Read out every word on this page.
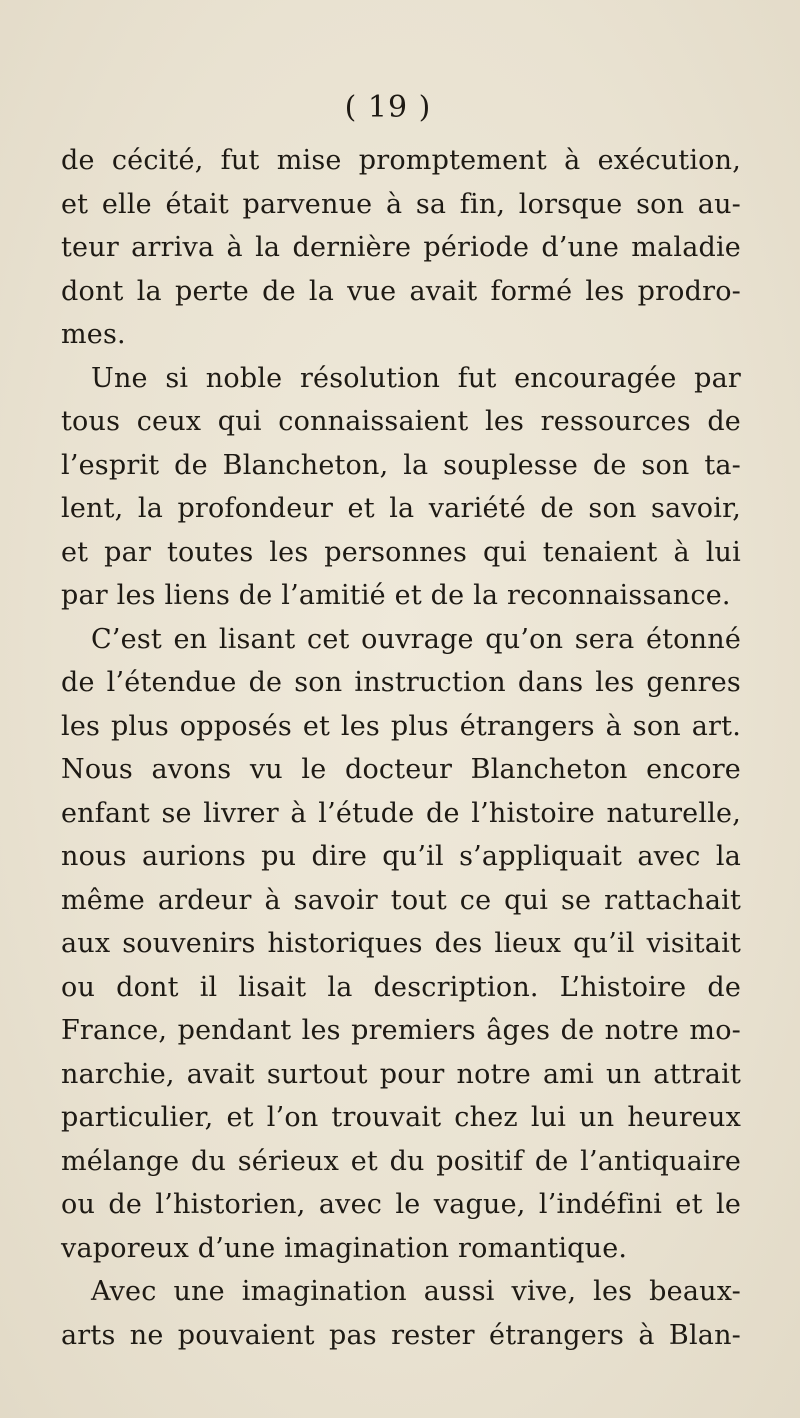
( 19 )
de cécité, fut mise promptement à exécution,
et elle était parvenue à sa fin, lorsque son au-
teur arriva à la dernière période d’une maladie
dont la perte de la vue avait formé les prodro-
mes.
Une si noble résolution fut encouragée par
tous ceux qui connaissaient les ressources de
l’esprit de Blancheton, la souplesse de son ta-
lent, la profondeur et la variété de son savoir,
et par toutes les personnes qui tenaient à lui
par les liens de l’amitié et de la reconnaissance.
C’est en lisant cet ouvrage qu’on sera étonné
de l’étendue de son instruction dans les genres
les plus opposés et les plus étrangers à son art.
Nous avons vu le docteur Blancheton encore
enfant se livrer à l’étude de l’histoire naturelle,
nous aurions pu dire qu’il s’appliquait avec la
même ardeur à savoir tout ce qui se rattachait
aux souvenirs historiques des lieux qu’il visitait
ou dont il lisait la description. L’histoire de
France, pendant les premiers âges de notre mo-
narchie, avait surtout pour notre ami un attrait
particulier, et l’on trouvait chez lui un heureux
mélange du sérieux et du positif de l’antiquaire
ou de l’historien, avec le vague, l’indéfini et le
vaporeux d’une imagination romantique.
Avec une imagination aussi vive, les beaux-
arts ne pouvaient pas rester étrangers à Blan-
